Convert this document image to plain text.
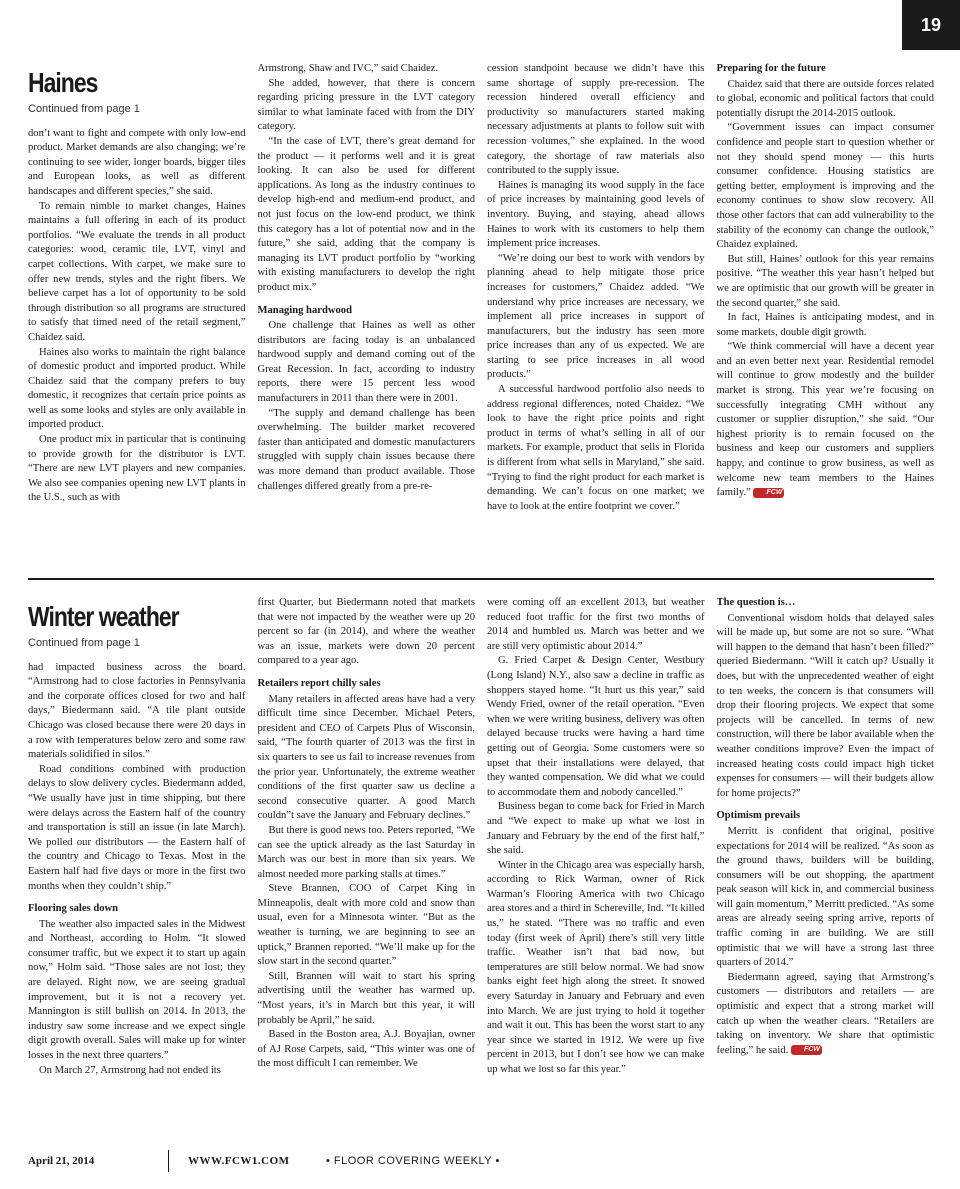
19
Haines
Continued from page 1

don’t want to fight and compete with only low-end product. Market demands are also changing; we’re continuing to see wider, longer boards, bigger tiles and European looks, as well as different handscapes and different species,” she said.

To remain nimble to market changes, Haines maintains a full offering in each of its product portfolios. “We evaluate the trends in all product categories: wood, ceramic tile, LVT, vinyl and carpet collections. With carpet, we make sure to offer new trends, styles and the right fibers. We believe carpet has a lot of opportunity to be sold through distribution so all programs are structured to satisfy that timed need of the retail segment,” Chaidez said.

Haines also works to maintain the right balance of domestic product and imported product. While Chaidez said that the company prefers to buy domestic, it recognizes that certain price points as well as some looks and styles are only available in imported product.

One product mix in particular that is continuing to provide growth for the distributor is LVT. “There are new LVT players and new companies. We also see companies opening new LVT plants in the U.S., such as with

Armstrong, Shaw and IVC,” said Chaidez.

She added, however, that there is concern regarding pricing pressure in the LVT category similar to what laminate faced with from the DIY category.

“In the case of LVT, there’s great demand for the product — it performs well and it is great looking. It can also be used for different applications. As long as the industry continues to develop high-end and medium-end product, and not just focus on the low-end product, we think this category has a lot of potential now and in the future,” she said, adding that the company is managing its LVT product portfolio by “working with existing manufacturers to develop the right product mix.”

Managing hardwood

One challenge that Haines as well as other distributors are facing today is an unbalanced hardwood supply and demand coming out of the Great Recession. In fact, according to industry reports, there were 15 percent less wood manufacturers in 2011 than there were in 2001.

“The supply and demand challenge has been overwhelming. The builder market recovered faster than anticipated and domestic manufacturers struggled with supply chain issues because there was more demand than product available. Those challenges differed greatly from a pre-re-

cession standpoint because we didn’t have this same shortage of supply pre-recession. The recession hindered overall efficiency and productivity so manufacturers started making necessary adjustments at plants to follow suit with recession volumes,” she explained. In the wood category, the shortage of raw materials also contributed to the supply issue.

Haines is managing its wood supply in the face of price increases by maintaining good levels of inventory. Buying, and staying, ahead allows Haines to work with its customers to help them implement price increases.

“We’re doing our best to work with vendors by planning ahead to help mitigate those price increases for customers,” Chaidez added. “We understand why price increases are necessary, we implement all price increases in support of manufacturers, but the industry has seen more price increases than any of us expected. We are starting to see price increases in all wood products.”

A successful hardwood portfolio also needs to address regional differences, noted Chaidez. “We look to have the right price points and right product in terms of what’s selling in all of our markets. For example, product that sells in Florida is different from what sells in Maryland,” she said. “Trying to find the right product for each market is demanding. We can’t focus on one market; we have to look at the entire footprint we cover.”

Preparing for the future

Chaidez said that there are outside forces related to global, economic and political factors that could potentially disrupt the 2014-2015 outlook.

“Government issues can impact consumer confidence and people start to question whether or not they should spend money — this hurts consumer confidence. Housing statistics are getting better, employment is improving and the economy continues to show slow recovery. All those other factors that can add vulnerability to the stability of the economy can change the outlook,” Chaidez explained.

But still, Haines’ outlook for this year remains positive. “The weather this year hasn’t helped but we are optimistic that our growth will be greater in the second quarter,” she said.

In fact, Haines is anticipating modest, and in some markets, double digit growth.

“We think commercial will have a decent year and an even better next year. Residential remodel will continue to grow modestly and the builder market is strong. This year we’re focusing on successfully integrating CMH without any customer or supplier disruption,” she said. “Our highest priority is to remain focused on the business and keep our customers and suppliers happy, and continue to grow business, as well as welcome new team members to the Haines family.” FCW

Winter weather
Continued from page 1

had impacted business across the board. “Armstrong had to close factories in Pennsylvania and the corporate offices closed for two and half days,” Biedermann said. “A tile plant outside Chicago was closed because there were 20 days in a row with temperatures below zero and some raw materials solidified in silos.”

Road conditions combined with production delays to slow delivery cycles. Biedermann added, “We usually have just in time shipping, but there were delays across the Eastern half of the country and transportation is still an issue (in late March). We polled our distributors — the Eastern half of the country and Chicago to Texas. Most in the Eastern half had five days or more in the first two months when they couldn’t ship.”

Flooring sales down

The weather also impacted sales in the Midwest and Northeast, according to Holm. “It slowed consumer traffic, but we expect it to start up again now,” Holm said. “Those sales are not lost; they are delayed. Right now, we are seeing gradual improvement, but it is not a recovery yet. Mannington is still bullish on 2014. In 2013, the industry saw some increase and we expect single digit growth overall. Sales will make up for winter losses in the next three quarters.”

On March 27, Armstrong had not ended its

first Quarter, but Biedermann noted that markets that were not impacted by the weather were up 20 percent so far (in 2014), and where the weather was an issue, markets were down 20 percent compared to a year ago.

Retailers report chilly sales

Many retailers in affected areas have had a very difficult time since December. Michael Peters, president and CEO of Carpets Plus of Wisconsin, said, “The fourth quarter of 2013 was the first in six quarters to see us fail to increase revenues from the prior year. Unfortunately, the extreme weather conditions of the first quarter saw us decline a second consecutive quarter. A good March couldn”t save the January and February declines.”

But there is good news too. Peters reported, “We can see the uptick already as the last Saturday in March was our best in more than six years. We almost needed more parking stalls at times.”

Steve Brannen, COO of Carpet King in Minneapolis, dealt with more cold and snow than usual, even for a Minnesota winter. “But as the weather is turning, we are beginning to see an uptick,” Brannen reported. “We’ll make up for the slow start in the second quarter.”

Still, Brannen will wait to start his spring advertising until the weather has warmed up. “Most years, it’s in March but this year, it will probably be April,” he said.

Based in the Boston area, A.J. Boyajian, owner of AJ Rose Carpets, said, “This winter was one of the most difficult I can remember. We

were coming off an excellent 2013, but weather reduced foot traffic for the first two months of 2014 and humbled us. March was better and we are still very optimistic about 2014.”

G. Fried Carpet & Design Center, Westbury (Long Island) N.Y., also saw a decline in traffic as shoppers stayed home. “It hurt us this year,” said Wendy Fried, owner of the retail operation. “Even when we were writing business, delivery was often delayed because trucks were having a hard time getting out of Georgia. Some customers were so upset that their installations were delayed, that they wanted compensation. We did what we could to accommodate them and nobody cancelled.”

Business began to come back for Fried in March and “We expect to make up what we lost in January and February by the end of the first half,” she said.

Winter in the Chicago area was especially harsh, according to Rick Warman, owner of Rick Warman’s Flooring America with two Chicago area stores and a third in Schereville, Ind. “It killed us,” he stated. “There was no traffic and even today (first week of April) there’s still very little traffic. Weather isn’t that bad now, but temperatures are still below normal. We had snow banks eight feet high along the street. It snowed every Saturday in January and February and even into March. We are just trying to hold it together and wait it out. This has been the worst start to any year since we started in 1912. We were up five percent in 2013, but I don’t see how we can make up what we lost so far this year.”

The question is…

Conventional wisdom holds that delayed sales will be made up, but some are not so sure. “What will happen to the demand that hasn’t been filled?” queried Biedermann. “Will it catch up? Usually it does, but with the unprecedented weather of eight to ten weeks, the concern is that consumers will drop their flooring projects. We expect that some projects will be cancelled. In terms of new construction, will there be labor available when the weather conditions improve? Even the impact of increased heating costs could impact high ticket expenses for consumers — will their budgets allow for home projects?”

Optimism prevails

Merritt is confident that original, positive expectations for 2014 will be realized. “As soon as the ground thaws, builders will be building, consumers will be out shopping, the apartment peak season will kick in, and commercial business will gain momentum,” Merritt predicted. “As some areas are already seeing spring arrive, reports of traffic coming in are building. We are still optimistic that we will have a strong last three quarters of 2014.”

Biedermann agreed, saying that Armstrong’s customers — distributors and retailers — are optimistic and expect that a strong market will catch up when the weather clears. “Retailers are taking on inventory. We share that optimistic feeling,” he said. FCW

April 21, 2014	WWW.FCW1.COM	• FLOOR COVERING WEEKLY •
